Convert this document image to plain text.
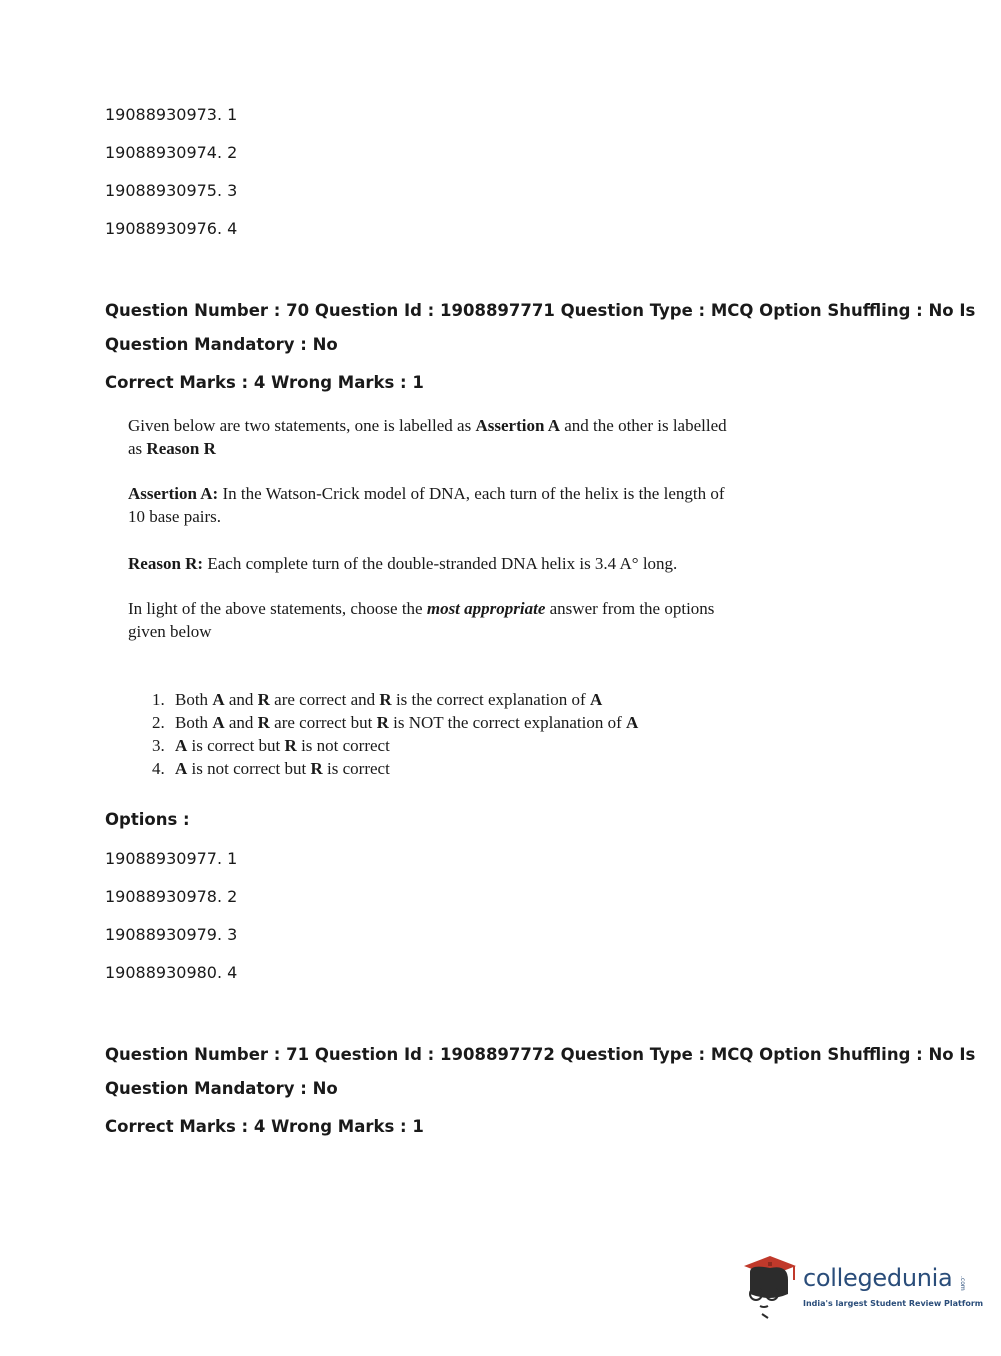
19088930973. 1
19088930974. 2
19088930975. 3
19088930976. 4
Question Number : 70 Question Id : 1908897771 Question Type : MCQ Option Shuffling : No Is
Question Mandatory : No
Correct Marks : 4 Wrong Marks : 1
Given below are two statements, one is labelled as Assertion A and the other is labelled as Reason R
Assertion A: In the Watson-Crick model of DNA, each turn of the helix is the length of 10 base pairs.
Reason R: Each complete turn of the double-stranded DNA helix is 3.4 A° long.
In light of the above statements, choose the most appropriate answer from the options given below
1. Both A and R are correct and R is the correct explanation of A
2. Both A and R are correct but R is NOT the correct explanation of A
3. A is correct but R is not correct
4. A is not correct but R is correct
Options :
19088930977. 1
19088930978. 2
19088930979. 3
19088930980. 4
Question Number : 71 Question Id : 1908897772 Question Type : MCQ Option Shuffling : No Is
Question Mandatory : No
Correct Marks : 4 Wrong Marks : 1
collegedunia .com
India's largest Student Review Platform
